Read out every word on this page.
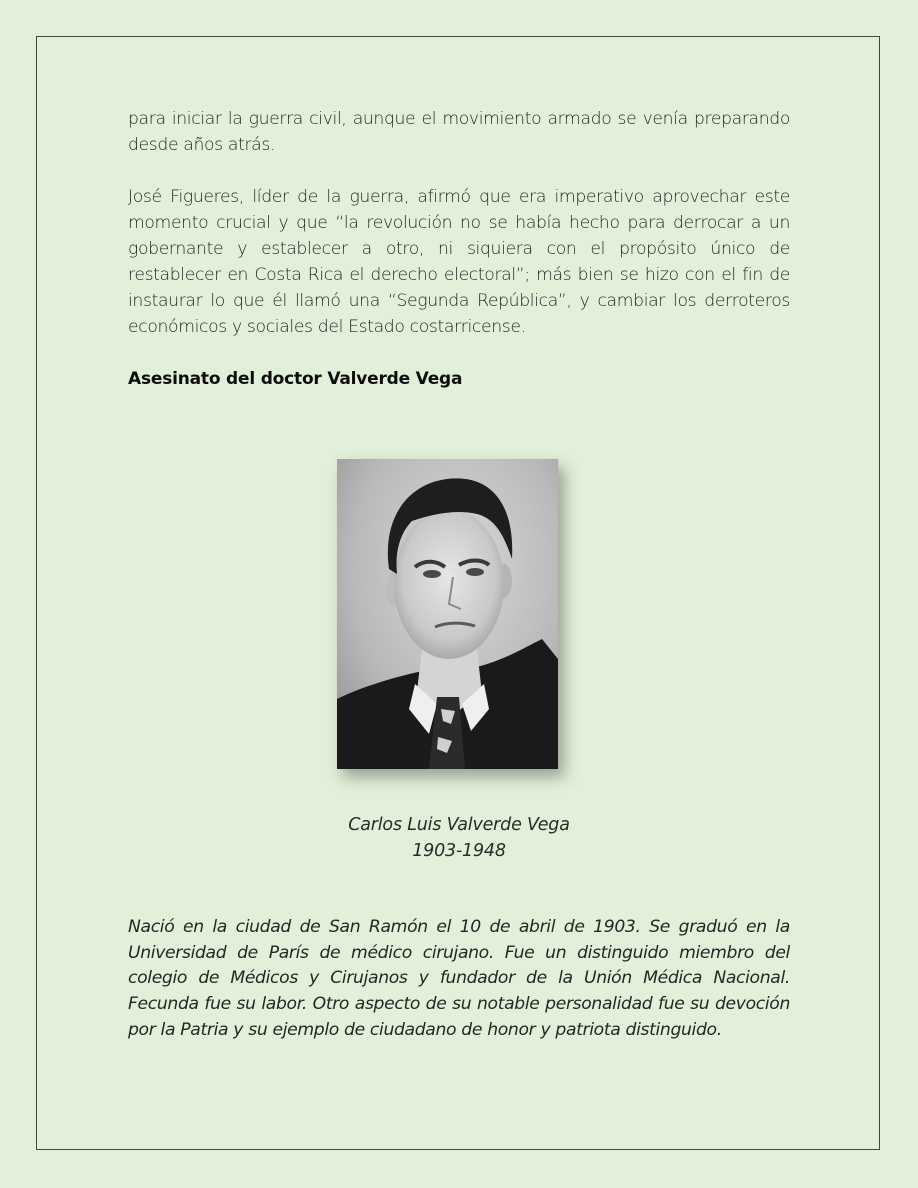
para iniciar la guerra civil, aunque el movimiento armado se venía preparando desde años atrás.

José Figueres, líder de la guerra, afirmó que era imperativo aprovechar este momento crucial y que “la revolución no se había hecho para derrocar a un gobernante y establecer a otro, ni siquiera con el propósito único de restablecer en Costa Rica el derecho electoral”; más bien se hizo con el fin de instaurar lo que él llamó una “Segunda República”, y cambiar los derroteros económicos y sociales del Estado costarricense.

Asesinato del doctor Valverde Vega
Carlos Luis Valverde Vega
1903-1948

Nació en la ciudad de San Ramón el 10 de abril de 1903. Se graduó en la Universidad de París de médico cirujano. Fue un distinguido miembro del colegio de Médicos y Cirujanos y fundador de la Unión Médica Nacional. Fecunda fue su labor. Otro aspecto de su notable personalidad fue su devoción por la Patria y su ejemplo de ciudadano de honor y patriota distinguido.
